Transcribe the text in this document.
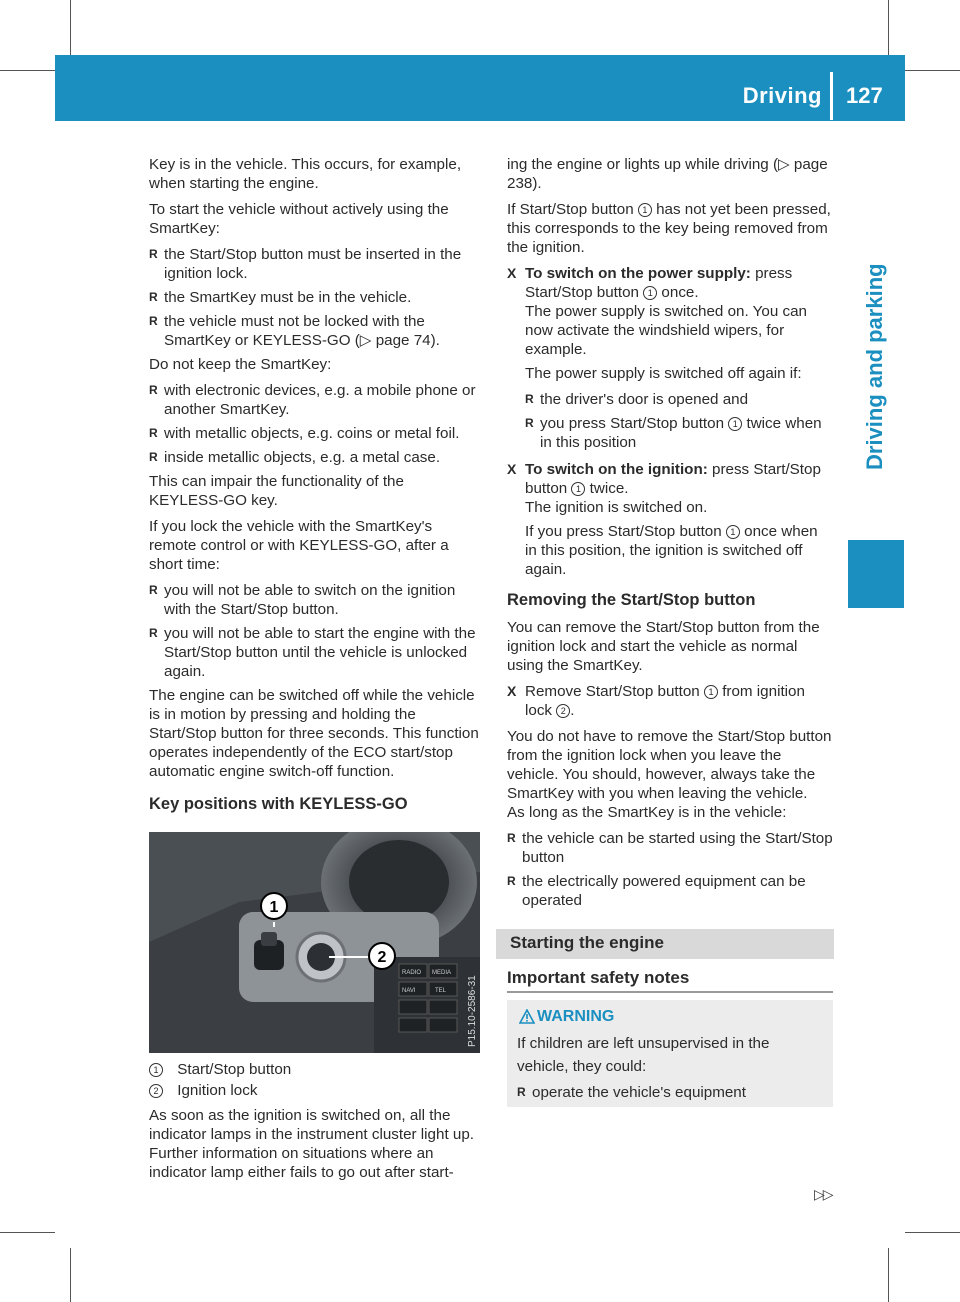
Driving 127
Driving and parking

Key is in the vehicle. This occurs, for example, when starting the engine.

To start the vehicle without actively using the SmartKey:

R the Start/Stop button must be inserted in the ignition lock.
R the SmartKey must be in the vehicle.
R the vehicle must not be locked with the SmartKey or KEYLESS-GO (▷ page 74).

Do not keep the SmartKey:

R with electronic devices, e.g. a mobile phone or another SmartKey.
R with metallic objects, e.g. coins or metal foil.
R inside metallic objects, e.g. a metal case.

This can impair the functionality of the KEYLESS-GO key.

If you lock the vehicle with the SmartKey's remote control or with KEYLESS-GO, after a short time:

R you will not be able to switch on the ignition with the Start/Stop button.
R you will not be able to start the engine with the Start/Stop button until the vehicle is unlocked again.

The engine can be switched off while the vehicle is in motion by pressing and holding the Start/Stop button for three seconds. This function operates independently of the ECO start/stop automatic engine switch-off function.

Key positions with KEYLESS-GO
RADIO MEDIA
NAVI	TEL
1
2
P15.10-2586-31
1 Start/Stop button
2 Ignition lock

As soon as the ignition is switched on, all the indicator lamps in the instrument cluster light up. Further information on situations where an indicator lamp either fails to go out after start-

ing the engine or lights up while driving (▷ page 238).

If Start/Stop button 1 has not yet been pressed, this corresponds to the key being removed from the ignition.

X To switch on the power supply: press Start/Stop button 1 once.
The power supply is switched on. You can now activate the windshield wipers, for example.
The power supply is switched off again if:
R the driver's door is opened and
R you press Start/Stop button 1 twice when in this position
X To switch on the ignition: press Start/Stop button 1 twice.
The ignition is switched on.
If you press Start/Stop button 1 once when in this position, the ignition is switched off again.
Removing the Start/Stop button

You can remove the Start/Stop button from the ignition lock and start the vehicle as normal using the SmartKey.

X Remove Start/Stop button 1 from ignition lock 2 .

You do not have to remove the Start/Stop button from the ignition lock when you leave the vehicle. You should, however, always take the SmartKey with you when leaving the vehicle.

As long as the SmartKey is in the vehicle:

R the vehicle can be started using the Start/Stop button
R the electrically powered equipment can be operated
Starting the engine
Important safety notes
WARNING
If children are left unsupervised in the vehicle, they could:
R operate the vehicle's equipment
▷▷
